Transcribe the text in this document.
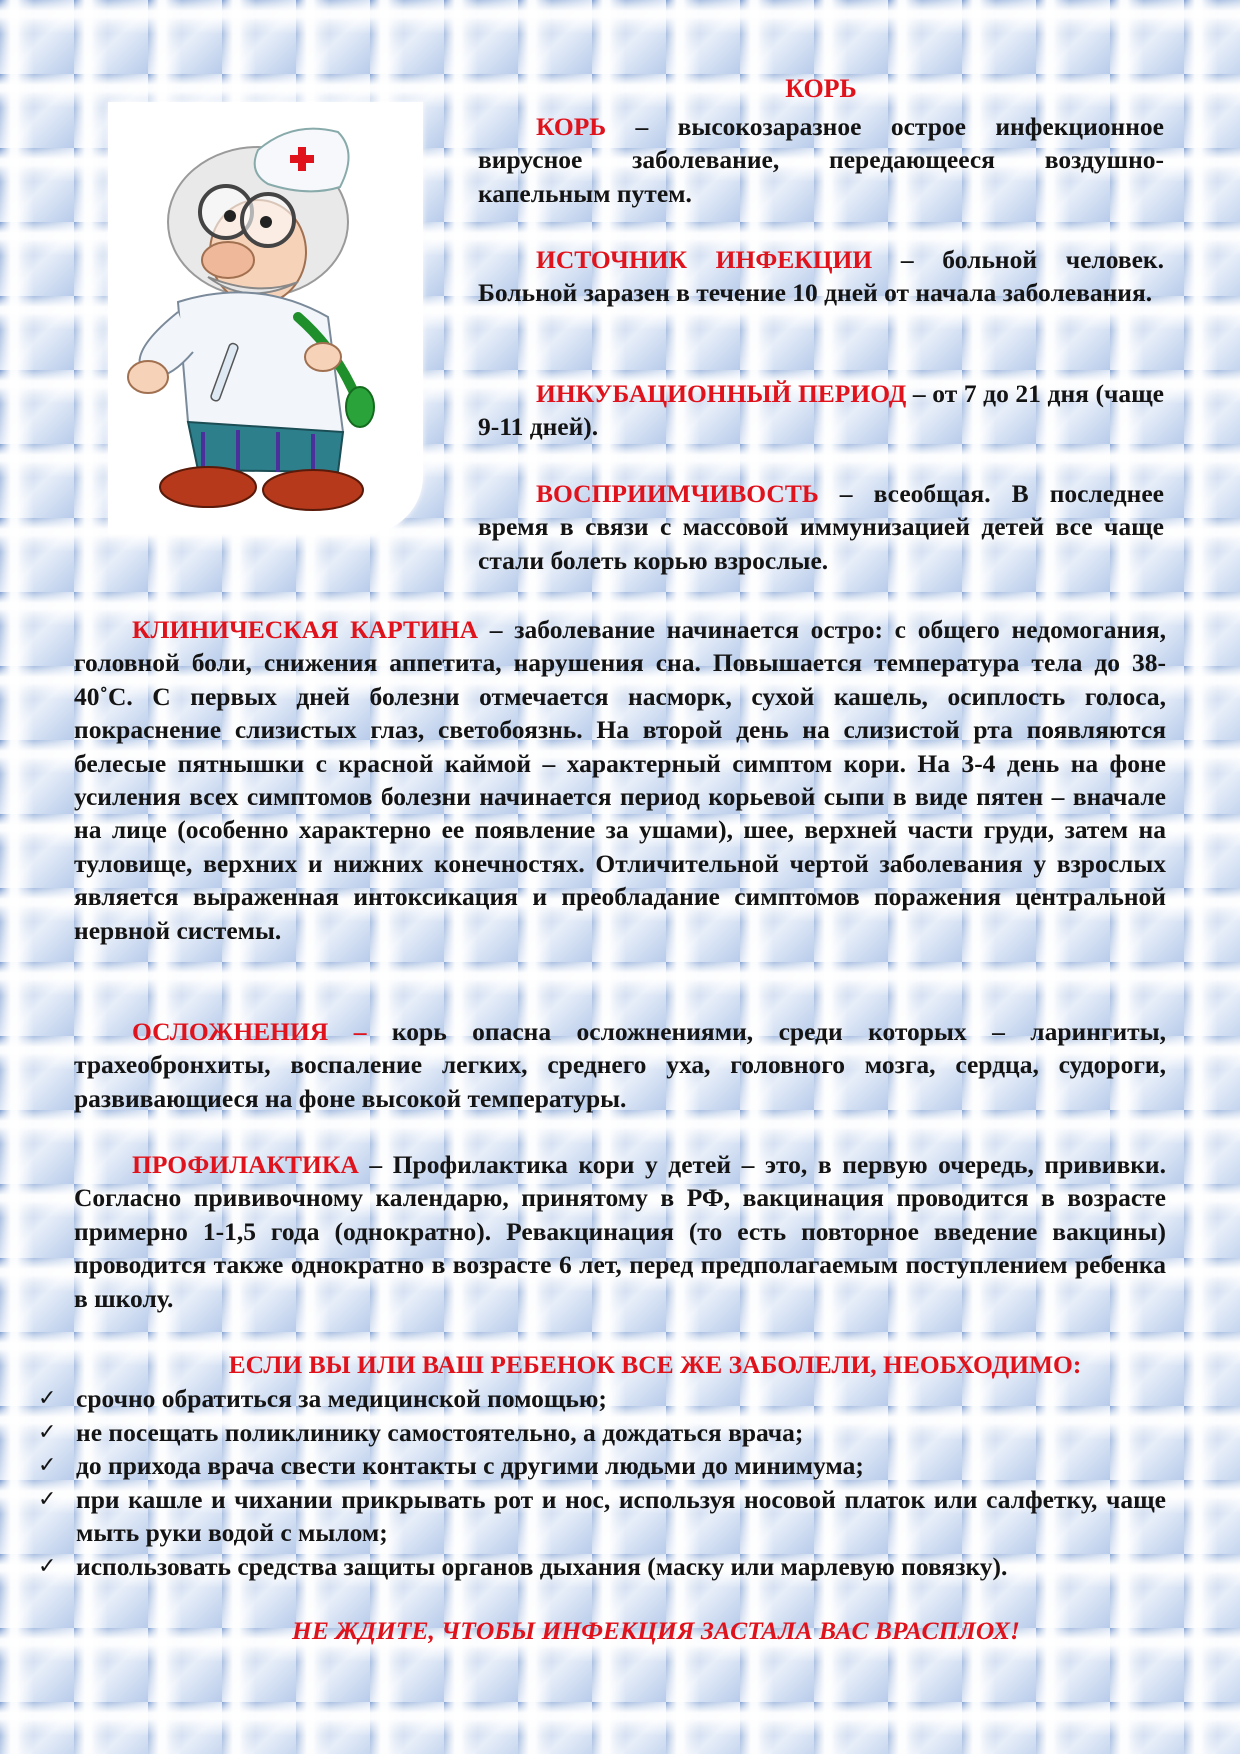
КОРЬ

КОРЬ – высокозаразное острое инфекционное вирусное заболевание, передающееся воздушно-капельным путем.

ИСТОЧНИК ИНФЕКЦИИ – больной человек. Больной заразен в течение 10 дней от начала заболевания.

ИНКУБАЦИОННЫЙ ПЕРИОД – от 7 до 21 дня (чаще 9-11 дней).

ВОСПРИИМЧИВОСТЬ – всеобщая. В последнее время в связи с массовой иммунизацией детей все чаще стали болеть корью взрослые.

КЛИНИЧЕСКАЯ КАРТИНА – заболевание начинается остро: с общего недомогания, головной боли, снижения аппетита, нарушения сна. Повышается температура тела до 38-40˚С. С первых дней болезни отмечается насморк, сухой кашель, осиплость голоса, покраснение слизистых глаз, светобоязнь. На второй день на слизистой рта появляются белесые пятнышки с красной каймой – характерный симптом кори. На 3-4 день на фоне усиления всех симптомов болезни начинается период корьевой сыпи в виде пятен – вначале на лице (особенно характерно ее появление за ушами), шее, верхней части груди, затем на туловище, верхних и нижних конечностях. Отличительной чертой заболевания у взрослых является выраженная интоксикация и преобладание симптомов поражения центральной нервной системы.

ОСЛОЖНЕНИЯ – корь опасна осложнениями, среди которых – ларингиты, трахеобронхиты, воспаление легких, среднего уха, головного мозга, сердца, судороги, развивающиеся на фоне высокой температуры.

ПРОФИЛАКТИКА – Профилактика кори у детей – это, в первую очередь, прививки. Согласно прививочному календарю, принятому в РФ, вакцинация проводится в возрасте примерно 1-1,5 года (однократно). Ревакцинация (то есть повторное введение вакцины) проводится также однократно в возрасте 6 лет, перед предполагаемым поступлением ребенка в школу.

ЕСЛИ ВЫ ИЛИ ВАШ РЕБЕНОК ВСЕ ЖЕ ЗАБОЛЕЛИ, НЕОБХОДИМО:
✓ срочно обратиться за медицинской помощью;
✓ не посещать поликлинику самостоятельно, а дождаться врача;
✓ до прихода врача свести контакты с другими людьми до минимума;
✓ при кашле и чихании прикрывать рот и нос, используя носовой платок или салфетку, чаще мыть руки водой с мылом;
✓ использовать средства защиты органов дыхания (маску или марлевую повязку).
НЕ ЖДИТЕ, ЧТОБЫ ИНФЕКЦИЯ ЗАСТАЛА ВАС ВРАСПЛОХ!
